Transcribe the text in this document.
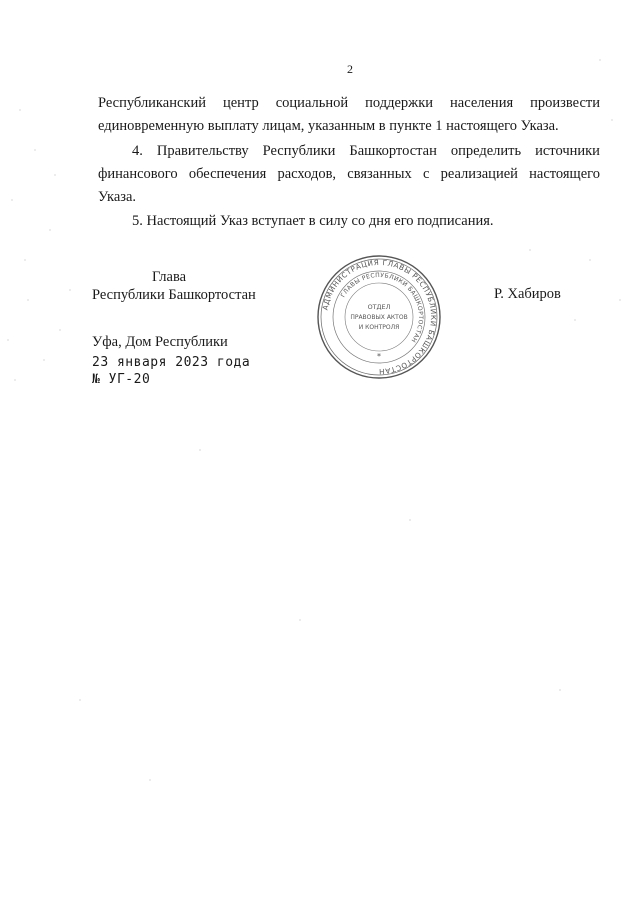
2
Республиканский центр социальной поддержки населения произвести
единовременную выплату лицам, указанным в пункте 1 настоящего Указа.
4. Правительству Республики Башкортостан определить источники
финансового обеспечения расходов, связанных с реализацией настоящего
Указа.
5. Настоящий Указ вступает в силу со дня его подписания.
Глава
Республики Башкортостан
АДМИНИСТРАЦИЯ ГЛАВЫ РЕСПУБЛИКИ БАШКОРТОСТАН
ГЛАВЫ РЕСПУБЛИКИ БАШКОРТОСТАН
ОТДЕЛ
ПРАВОВЫХ АКТОВ
И КОНТРОЛЯ
*
Р. Хабиров
Уфа, Дом Республики
23 января 2023 года
№ УГ-20
